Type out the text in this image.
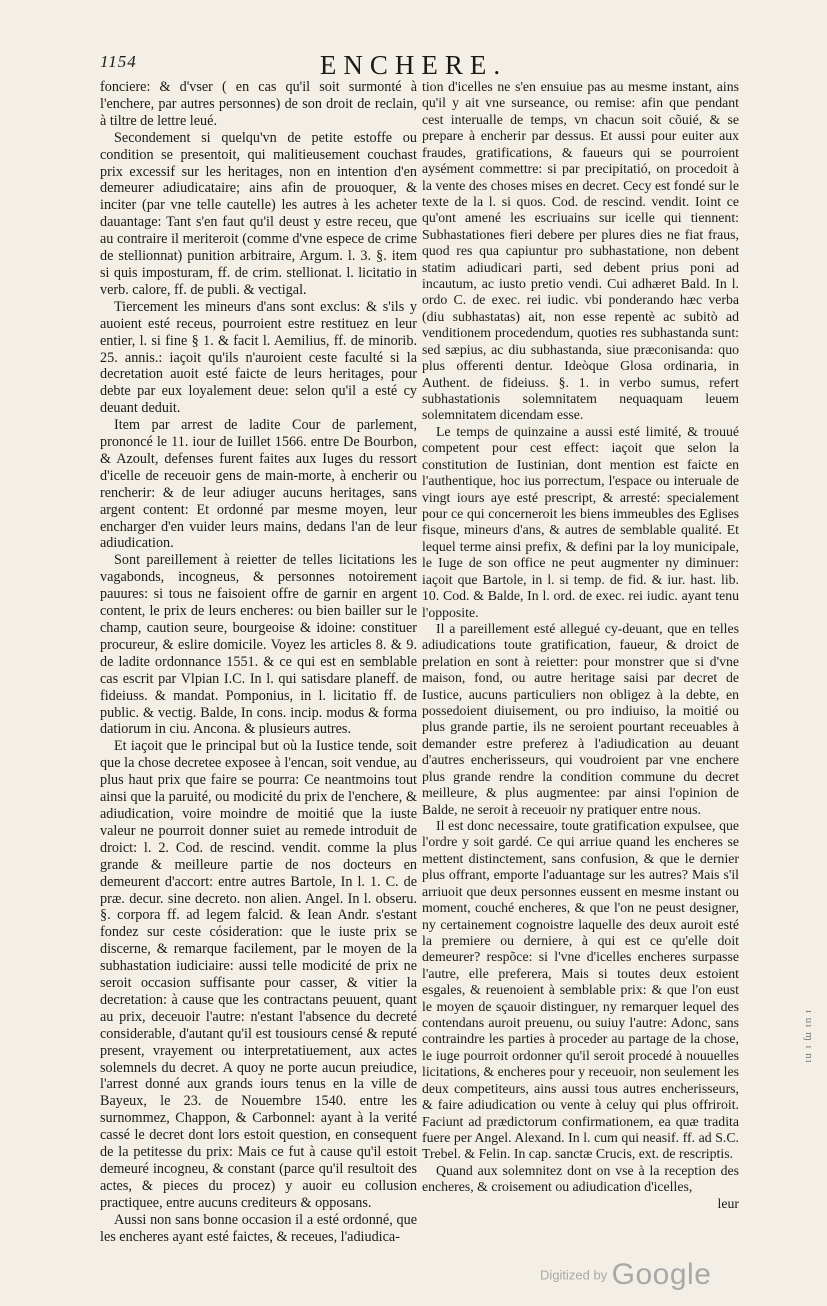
1154	ENCHERE.

fonciere: & d'vser ( en cas qu'il soit surmonté à l'enchere, par autres personnes) de son droit de reclain, à tiltre de lettre leué.

Secondement si quelqu'vn de petite estoffe ou condition se presentoit, qui malitieusement couchast prix excessif sur les heritages, non en intention d'en demeurer adiudicataire; ains afin de prouoquer, & inciter (par vne telle cautelle) les autres à les acheter dauantage: Tant s'en faut qu'il deust y estre receu, que au contraire il meriteroit (comme d'vne espece de crime de stellionnat) punition arbitraire, Argum. l. 3. §. item si quis imposturam, ff. de crim. stellionat. l. licitatio in verb. calore, ff. de publi. & vectigal.

Tiercement les mineurs d'ans sont exclus: & s'ils y auoient esté receus, pourroient estre restituez en leur entier, l. si fine § 1. & facit l. Aemilius, ff. de minorib. 25. annis.: iaçoit qu'ils n'auroient ceste faculté si la decretation auoit esté faicte de leurs heritages, pour debte par eux loyalement deue: selon qu'il a esté cy deuant deduit.

Item par arrest de ladite Cour de parlement, prononcé le 11. iour de Iuillet 1566. entre De Bourbon, & Azoult, defenses furent faites aux Iuges du ressort d'icelle de receuoir gens de main-morte, à encherir ou rencherir: & de leur adiuger aucuns heritages, sans argent content: Et ordonné par mesme moyen, leur encharger d'en vuider leurs mains, dedans l'an de leur adiudication.

Sont pareillement à reietter de telles licitations les vagabonds, incogneus, & personnes notoirement pauures: si tous ne faisoient offre de garnir en argent content, le prix de leurs encheres: ou bien bailler sur le champ, caution seure, bourgeoise & idoine: constituer procureur, & eslire domicile. Voyez les articles 8. & 9. de ladite ordonnance 1551. & ce qui est en semblable cas escrit par Vlpian I.C. In l. qui satisdare planeff. de fideiuss. & mandat. Pomponius, in l. licitatio ff. de public. & vectig. Balde, In cons. incip. modus & forma datiorum in ciu. Ancona. & plusieurs autres.

Et iaçoit que le principal but où la Iustice tende, soit que la chose decretee exposee à l'encan, soit vendue, au plus haut prix que faire se pourra: Ce neantmoins tout ainsi que la paruité, ou modicité du prix de l'enchere, & adiudication, voire moindre de moitié que la iuste valeur ne pourroit donner suiet au remede introduit de droict: l. 2. Cod. de rescind. vendit. comme la plus grande & meilleure partie de nos docteurs en demeurent d'accort: entre autres Bartole, In l. 1. C. de præ. decur. sine decreto. non alien. Angel. In l. obseru. §. corpora ff. ad legem falcid. & Iean Andr. s'estant fondez sur ceste cósideration: que le iuste prix se discerne, & remarque facilement, par le moyen de la subhastation iudiciaire: aussi telle modicité de prix ne seroit occasion suffisante pour casser, & vitier la decretation: à cause que les contractans peuuent, quant au prix, deceuoir l'autre: n'estant l'absence du decreté considerable, d'autant qu'il est tousiours censé & reputé present, vrayement ou interpretatiuement, aux actes solemnels du decret. A quoy ne porte aucun preiudice, l'arrest donné aux grands iours tenus en la ville de Bayeux, le 23. de Nouembre 1540. entre les surnommez, Chappon, & Carbonnel: ayant à la verité cassé le decret dont lors estoit question, en consequent de la petitesse du prix: Mais ce fut à cause qu'il estoit demeuré incogneu, & constant (parce qu'il resultoit des actes, & pieces du procez) y auoir eu collusion practiquee, entre aucuns crediteurs & opposans.

Aussi non sans bonne occasion il a esté ordonné, que les encheres ayant esté faictes, & receues, l'adiudica-

tion d'icelles ne s'en ensuiue pas au mesme instant, ains qu'il y ait vne surseance, ou remise: afin que pendant cest interualle de temps, vn chacun soit cõuié, & se prepare à encherir par dessus. Et aussi pour euiter aux fraudes, gratifications, & faueurs qui se pourroient aysément commettre: si par precipitatió, on procedoit à la vente des choses mises en decret. Cecy est fondé sur le texte de la l. si quos. Cod. de rescind. vendit. Ioint ce qu'ont amené les escriuains sur icelle qui tiennent: Subhastationes fieri debere per plures dies ne fiat fraus, quod res qua capiuntur pro subhastatione, non debent statim adiudicari parti, sed debent prius poni ad incautum, ac iusto pretio vendi. Cui adhæret Bald. In l. ordo C. de exec. rei iudic. vbi ponderando hæc verba (diu subhastatas) ait, non esse repentè ac subitò ad venditionem procedendum, quoties res subhastanda sunt: sed sæpius, ac diu subhastanda, siue præconisanda: quo plus offerenti dentur. Ideòque Glosa ordinaria, in Authent. de fideiuss. §. 1. in verbo sumus, refert subhastationis solemnitatem nequaquam leuem solemnitatem dicendam esse.

Le temps de quinzaine a aussi esté limité, & trouué competent pour cest effect: iaçoit que selon la constitution de Iustinian, dont mention est faicte en l'authentique, hoc ius porrectum, l'espace ou interuale de vingt iours aye esté prescript, & arresté: specialement pour ce qui concerneroit les biens immeubles des Eglises fisque, mineurs d'ans, & autres de semblable qualité. Et lequel terme ainsi prefix, & defini par la loy municipale, le Iuge de son office ne peut augmenter ny diminuer: iaçoit que Bartole, in l. si temp. de fid. & iur. hast. lib. 10. Cod. & Balde, In l. ord. de exec. rei iudic. ayant tenu l'opposite.

Il a pareillement esté allegué cy-deuant, que en telles adiudications toute gratification, faueur, & droict de prelation en sont à reietter: pour monstrer que si d'vne maison, fond, ou autre heritage saisi par decret de Iustice, aucuns particuliers non obligez à la debte, en possedoient diuisement, ou pro indiuiso, la moitié ou plus grande partie, ils ne seroient pourtant receuables à demander estre preferez à l'adiudication au deuant d'autres encherisseurs, qui voudroient par vne enchere plus grande rendre la condition commune du decret meilleure, & plus augmentee: par ainsi l'opinion de Balde, ne seroit à receuoir ny pratiquer entre nous.

Il est donc necessaire, toute gratification expulsee, que l'ordre y soit gardé. Ce qui arriue quand les encheres se mettent distinctement, sans confusion, & que le dernier plus offrant, emporte l'aduantage sur les autres? Mais s'il arriuoit que deux personnes eussent en mesme instant ou moment, couché encheres, & que l'on ne peust designer, ny certainement cognoistre laquelle des deux auroit esté la premiere ou derniere, à qui est ce qu'elle doit demeurer? respõce: si l'vne d'icelles encheres surpasse l'autre, elle preferera, Mais si toutes deux estoient esgales, & reuenoient à semblable prix: & que l'on eust le moyen de sçauoir distinguer, ny remarquer lequel des contendans auroit preuenu, ou suiuy l'autre: Adonc, sans contraindre les parties à proceder au partage de la chose, le iuge pourroit ordonner qu'il seroit procedé à nouuelles licitations, & encheres pour y receuoir, non seulement les deux competiteurs, ains aussi tous autres encherisseurs, & faire adiudication ou vente à celuy qui plus offriroit. Faciunt ad prædictorum confirmationem, ea quæ tradita fuere per Angel. Alexand. In l. cum qui neasif. ff. ad S.C. Trebel. & Felin. In cap. sanctæ Crucis, ext. de rescriptis.

Quand aux solemnitez dont on vse à la reception des encheres, & croisement ou adiudication d'icelles,

leur

ı uı ɱ ı nı
Digitized by Google
